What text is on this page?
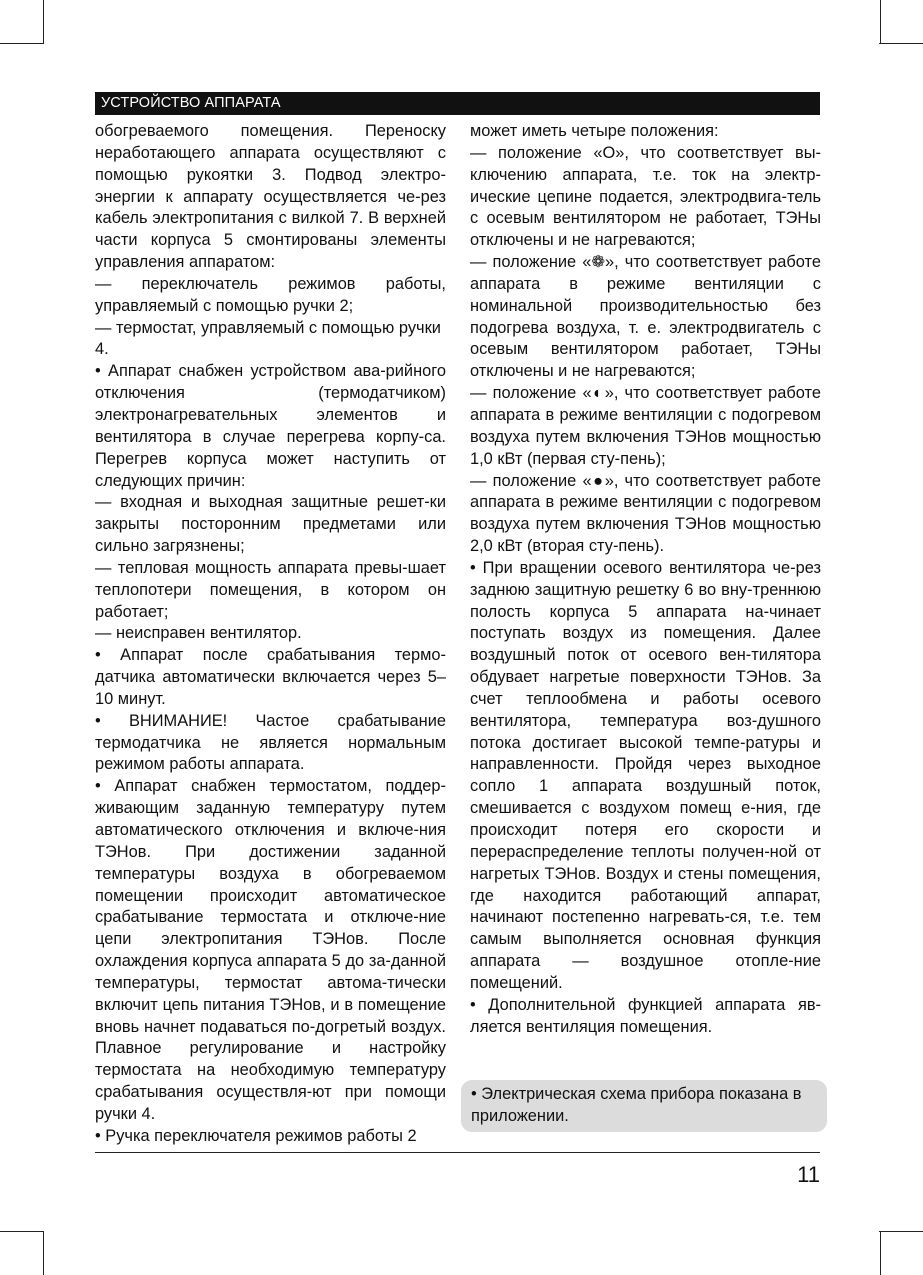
УСТРОЙСТВО АППАРАТА

обогреваемого помещения. Переноску неработающего аппарата осуществляют с помощью рукоятки 3. Подвод электро-энергии к аппарату осуществляется че-рез кабель электропитания с вилкой 7. В верхней части корпуса 5 смонтированы элементы управления аппаратом:

— переключатель режимов работы, управляемый с помощью ручки 2;

— термостат, управляемый с помощью ручки 4.

• Аппарат снабжен устройством ава-рийного отключения (термодатчиком) электронагревательных элементов и вентилятора в случае перегрева корпу-са. Перегрев корпуса может наступить от следующих причин:

— входная и выходная защитные решет-ки закрыты посторонним предметами или сильно загрязнены;

— тепловая мощность аппарата превы-шает теплопотери помещения, в котором он работает;

— неисправен вентилятор.

• Аппарат после срабатывания термо-датчика автоматически включается через 5–10 минут.

• ВНИМАНИЕ! Частое срабатывание термодатчика не является нормальным режимом работы аппарата.

• Аппарат снабжен термостатом, поддер-живающим заданную температуру путем автоматического отключения и включе-ния ТЭНов. При достижении заданной температуры воздуха в обогреваемом помещении происходит автоматическое срабатывание термостата и отключе-ние цепи электропитания ТЭНов. После охлаждения корпуса аппарата 5 до за-данной температуры, термостат автома-тически включит цепь питания ТЭНов, и в помещение вновь начнет подаваться по-догретый воздух. Плавное регулирование и настройку термостата на необходимую температуру срабатывания осуществля-ют при помощи ручки 4.

• Ручка переключателя режимов работы 2

может иметь четыре положения:

— положение «О», что соответствует вы-ключению аппарата, т.е. ток на электр-ические цепине подается, электродвига-тель с осевым вентилятором не работает, ТЭНы отключены и не нагреваются;

— положение «❁», что соответствует работе аппарата в режиме вентиляции с номинальной производительностью без подогрева воздуха, т. е. электродвигатель с осевым вентилятором работает, ТЭНы отключены и не нагреваются;

— положение «◐», что соответствует работе аппарата в режиме вентиляции с подогревом воздуха путем включения ТЭНов мощностью 1,0 кВт (первая сту-пень);

— положение «●», что соответствует работе аппарата в режиме вентиляции с подогревом воздуха путем включения ТЭНов мощностью 2,0 кВт (вторая сту-пень).

• При вращении осевого вентилятора че-рез заднюю защитную решетку 6 во вну-треннюю полость корпуса 5 аппарата на-чинает поступать воздух из помещения. Далее воздушный поток от осевого вен-тилятора обдувает нагретые поверхности ТЭНов. За счет теплообмена и работы осевого вентилятора, температура воз-душного потока достигает высокой темпе-ратуры и направленности. Пройдя через выходное сопло 1 аппарата воздушный поток, смешивается с воздухом помещ е-ния, где происходит потеря его скорости и перераспределение теплоты получен-ной от нагретых ТЭНов. Воздух и стены помещения, где находится работающий аппарат, начинают постепенно нагревать-ся, т.е. тем самым выполняется основная функция аппарата — воздушное отопле-ние помещений.

• Дополнительной функцией аппарата яв-ляется вентиляция помещения.

• Электрическая схема прибора показана в приложении.
11
